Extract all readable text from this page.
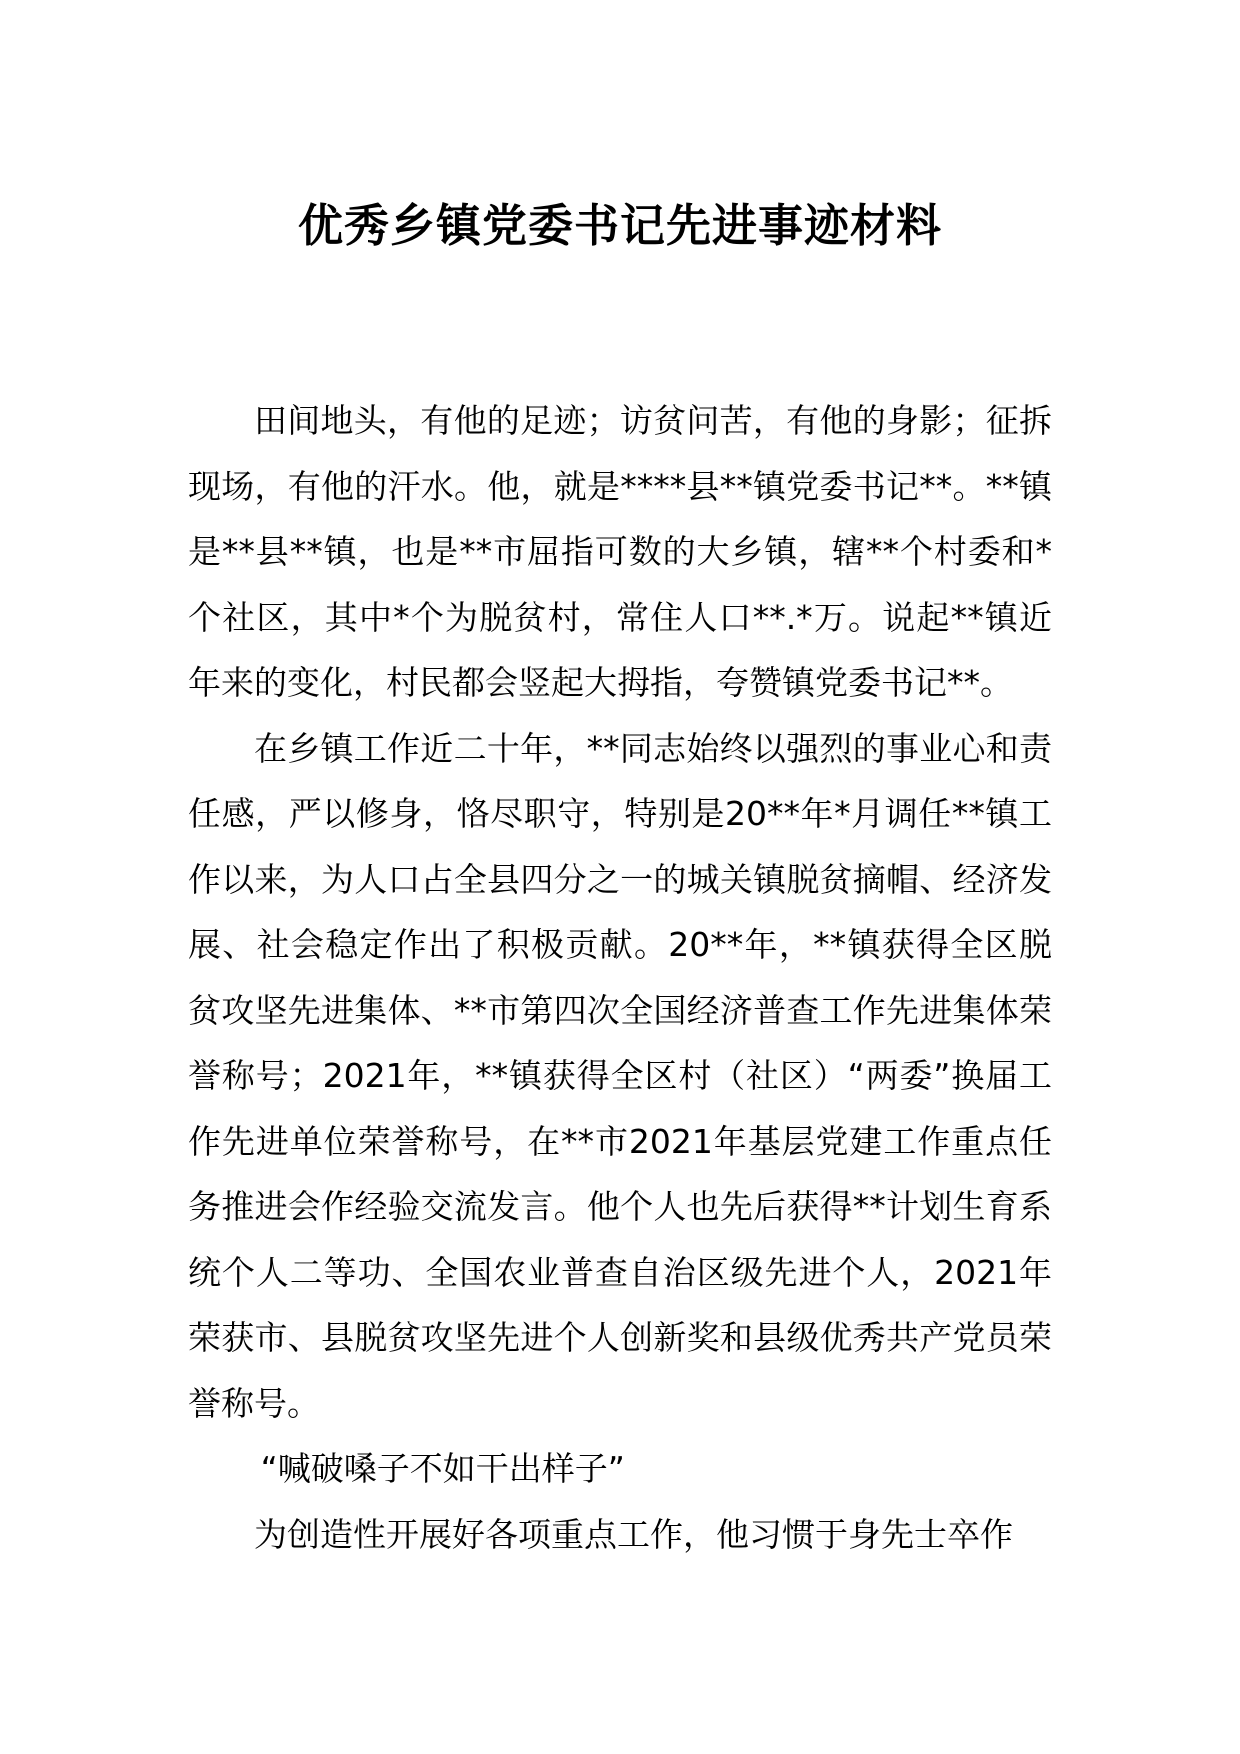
优秀乡镇党委书记先进事迹材料

田间地头，有他的足迹；访贫问苦，有他的身影；征拆现场，有他的汗水。他，就是****县**镇党委书记**。**镇是**县**镇，也是**市屈指可数的大乡镇，辖**个村委和*个社区，其中*个为脱贫村，常住人口**.*万。说起**镇近年来的变化，村民都会竖起大拇指，夸赞镇党委书记**。

在乡镇工作近二十年，**同志始终以强烈的事业心和责任感，严以修身，恪尽职守，特别是20**年*月调任**镇工作以来，为人口占全县四分之一的城关镇脱贫摘帽、经济发展、社会稳定作出了积极贡献。20**年，**镇获得全区脱贫攻坚先进集体、**市第四次全国经济普查工作先进集体荣誉称号；2021年，**镇获得全区村（社区）“两委”换届工作先进单位荣誉称号，在**市2021年基层党建工作重点任务推进会作经验交流发言。他个人也先后获得**计划生育系统个人二等功、全国农业普查自治区级先进个人，2021年荣获市、县脱贫攻坚先进个人创新奖和县级优秀共产党员荣誉称号。

“喊破嗓子不如干出样子”

为创造性开展好各项重点工作，他习惯于身先士卒作
